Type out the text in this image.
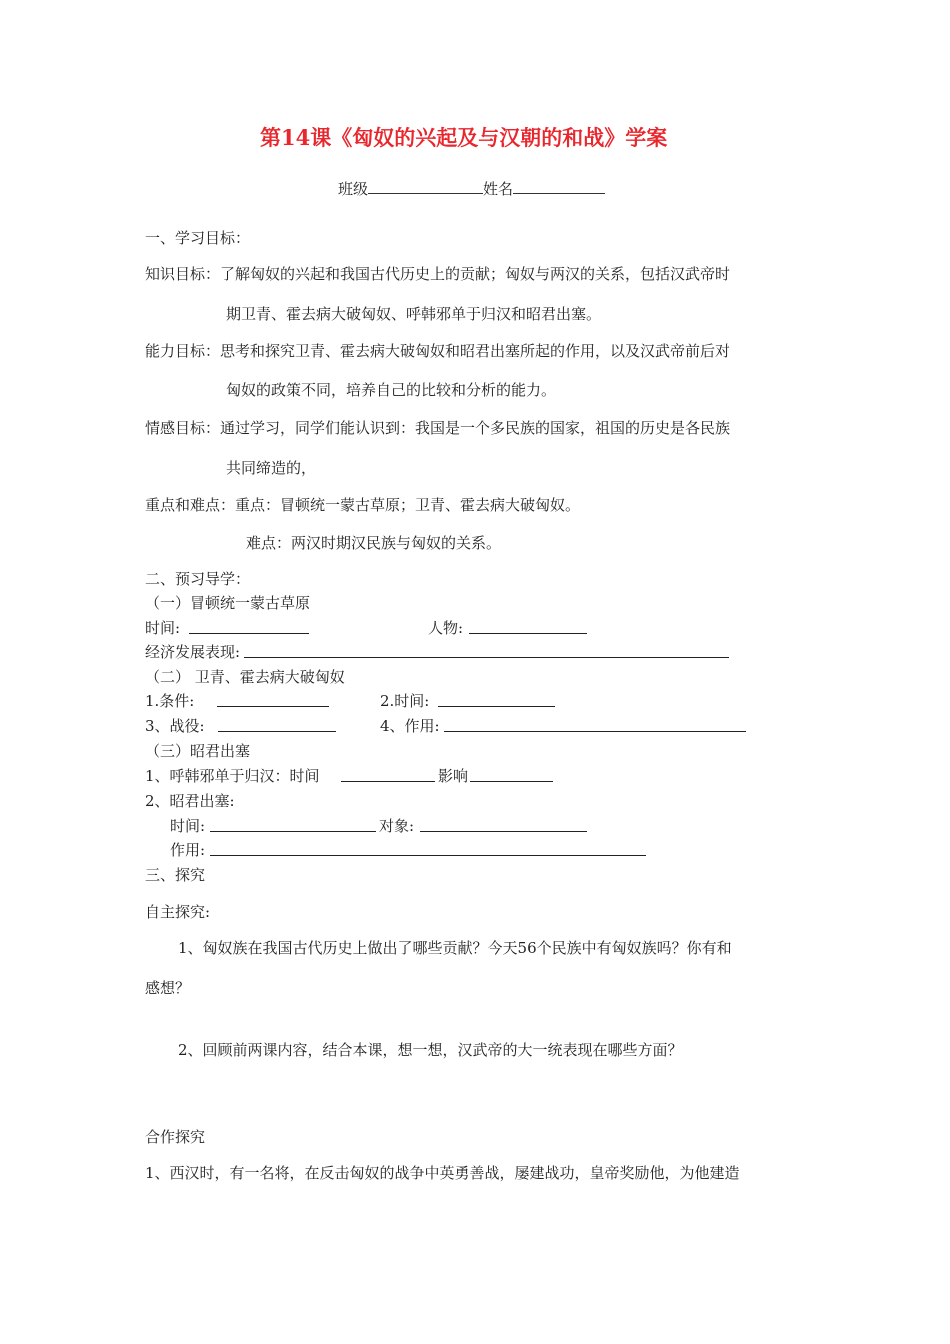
第14课《匈奴的兴起及与汉朝的和战》学案
班级	姓名
一、学习目标：
知识目标：了解匈奴的兴起和我国古代历史上的贡献；匈奴与两汉的关系，包括汉武帝时
期卫青、霍去病大破匈奴、呼韩邪单于归汉和昭君出塞。
能力目标：思考和探究卫青、霍去病大破匈奴和昭君出塞所起的作用，以及汉武帝前后对
匈奴的政策不同，培养自己的比较和分析的能力。
情感目标：通过学习，同学们能认识到：我国是一个多民族的国家，祖国的历史是各民族
共同缔造的，
重点和难点：重点：冒顿统一蒙古草原；卫青、霍去病大破匈奴。
难点：两汉时期汉民族与匈奴的关系。
二、预习导学：
（一）冒顿统一蒙古草原
时间:	人物:
经济发展表现:
（二） 卫青、霍去病大破匈奴
1.条件:	2.时间:
3、战役:	4、作用:
（三）昭君出塞
1、呼韩邪单于归汉：时间	影响
2、昭君出塞:
时间:	对象:
作用:
三、探究
自主探究:
1、匈奴族在我国古代历史上做出了哪些贡献？今天56个民族中有匈奴族吗？你有和
感想？
2、回顾前两课内容，结合本课，想一想，汉武帝的大一统表现在哪些方面？
合作探究
1、西汉时，有一名将，在反击匈奴的战争中英勇善战，屡建战功，皇帝奖励他，为他建造
